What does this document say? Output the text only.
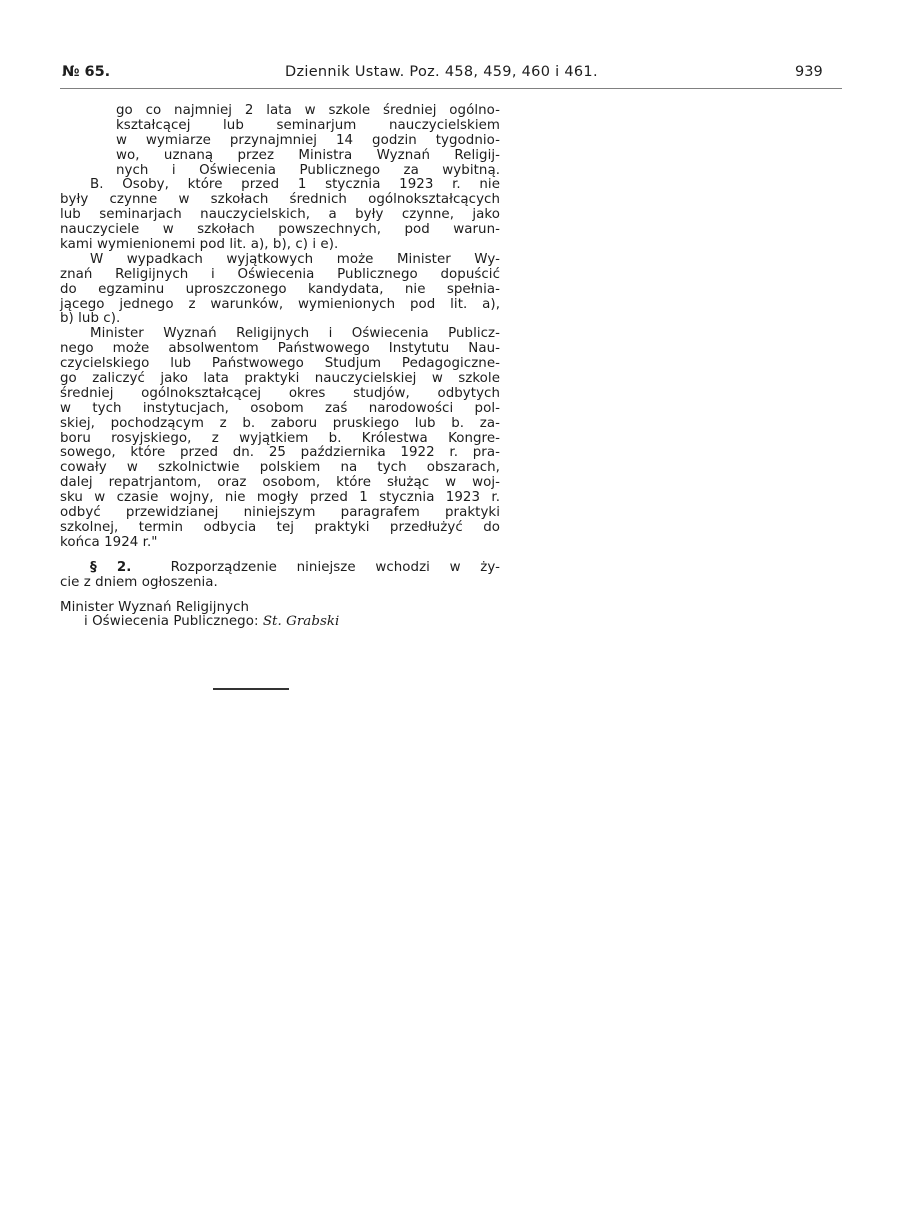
№ 65.	Dziennik Ustaw. Poz. 458, 459, 460 i 461.	939
go co najmniej 2 lata w szkole średniej ogólno-
kształcącej lub seminarjum nauczycielskiem
w wymiarze przynajmniej 14 godzin tygodnio-
wo, uznaną przez Ministra Wyznań Religij-
nych i Oświecenia Publicznego za wybitną.
B. Osoby, które przed 1 stycznia 1923 r. nie
były czynne w szkołach średnich ogólnokształcących
lub seminarjach nauczycielskich, a były czynne, jako
nauczyciele w szkołach powszechnych, pod warun-
kami wymienionemi pod lit. a), b), c) i e).
W wypadkach wyjątkowych może Minister Wy-
znań Religijnych i Oświecenia Publicznego dopuścić
do egzaminu uproszczonego kandydata, nie spełnia-
jącego jednego z warunków, wymienionych pod lit. a),
b) lub c).
Minister Wyznań Religijnych i Oświecenia Publicz-
nego może absolwentom Państwowego Instytutu Nau-
czycielskiego lub Państwowego Studjum Pedagogiczne-
go zaliczyć jako lata praktyki nauczycielskiej w szkole
średniej ogólnokształcącej okres studjów, odbytych
w tych instytucjach, osobom zaś narodowości pol-
skiej, pochodzącym z b. zaboru pruskiego lub b. za-
boru rosyjskiego, z wyjątkiem b. Królestwa Kongre-
sowego, które przed dn. 25 października 1922 r. pra-
cowały w szkolnictwie polskiem na tych obszarach,
dalej repatrjantom, oraz osobom, które służąc w woj-
sku w czasie wojny, nie mogły przed 1 stycznia 1923 r.
odbyć przewidzianej niniejszym paragrafem praktyki
szkolnej, termin odbycia tej praktyki przedłużyć do
końca 1924 r."
§ 2.	Rozporządzenie niniejsze wchodzi w ży-
cie z dniem ogłoszenia.
Minister Wyznań Religijnych
i Oświecenia Publicznego: St. Grabski
